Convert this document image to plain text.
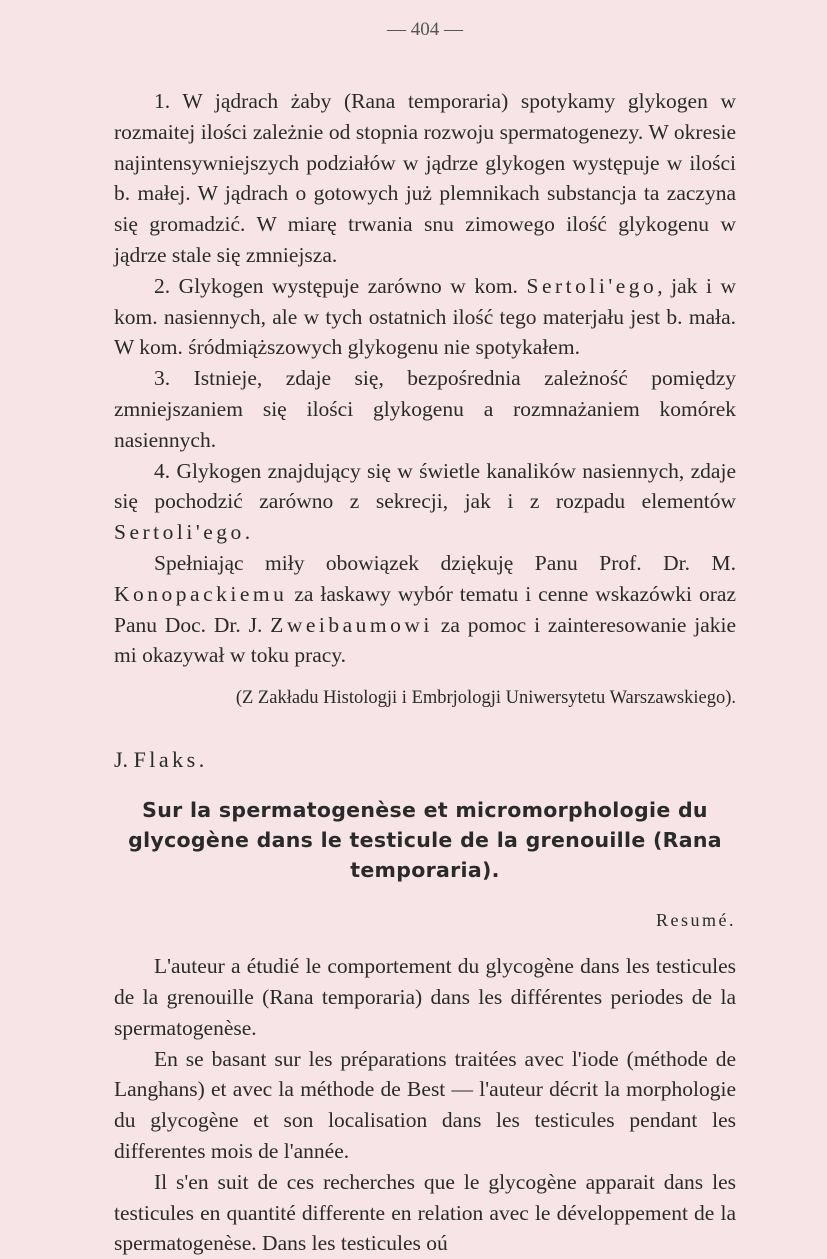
— 404 —

1. W jądrach żaby (Rana temporaria) spotykamy glykogen w rozmaitej ilości zależnie od stopnia rozwoju spermatogenezy. W okresie najintensywniejszych podziałów w jądrze glykogen występuje w ilości b. małej. W jądrach o gotowych już plemnikach substancja ta zaczyna się gromadzić. W miarę trwania snu zimowego ilość glykogenu w jądrze stale się zmniejsza.

2. Glykogen występuje zarówno w kom. Sertoli'ego, jak i w kom. nasiennych, ale w tych ostatnich ilość tego materjału jest b. mała. W kom. śródmiąższowych glykogenu nie spotykałem.

3. Istnieje, zdaje się, bezpośrednia zależność pomiędzy zmniejszaniem się ilości glykogenu a rozmnażaniem komórek nasiennych.

4. Glykogen znajdujący się w świetle kanalików nasiennych, zdaje się pochodzić zarówno z sekrecji, jak i z rozpadu elementów Sertoli'ego.

Spełniając miły obowiązek dziękuję Panu Prof. Dr. M. Konopackiemu za łaskawy wybór tematu i cenne wskazówki oraz Panu Doc. Dr. J. Zweibaumowi za pomoc i zainteresowanie jakie mi okazywał w toku pracy.

(Z Zakładu Histologji i Embrjologji Uniwersytetu Warszawskiego).
J. Flaks.
Sur la spermatogenèse et micromorphologie du glycogène dans le testicule de la grenouille (Rana temporaria).
Resumé.

L'auteur a étudié le comportement du glycogène dans les testicules de la grenouille (Rana temporaria) dans les différentes periodes de la spermatogenèse.

En se basant sur les préparations traitées avec l'iode (méthode de Langhans) et avec la méthode de Best — l'auteur décrit la morphologie du glycogène et son localisation dans les testicules pendant les differentes mois de l'année.

Il s'en suit de ces recherches que le glycogène apparait dans les testicules en quantité differente en relation avec le développement de la spermatogenèse. Dans les testicules oú
